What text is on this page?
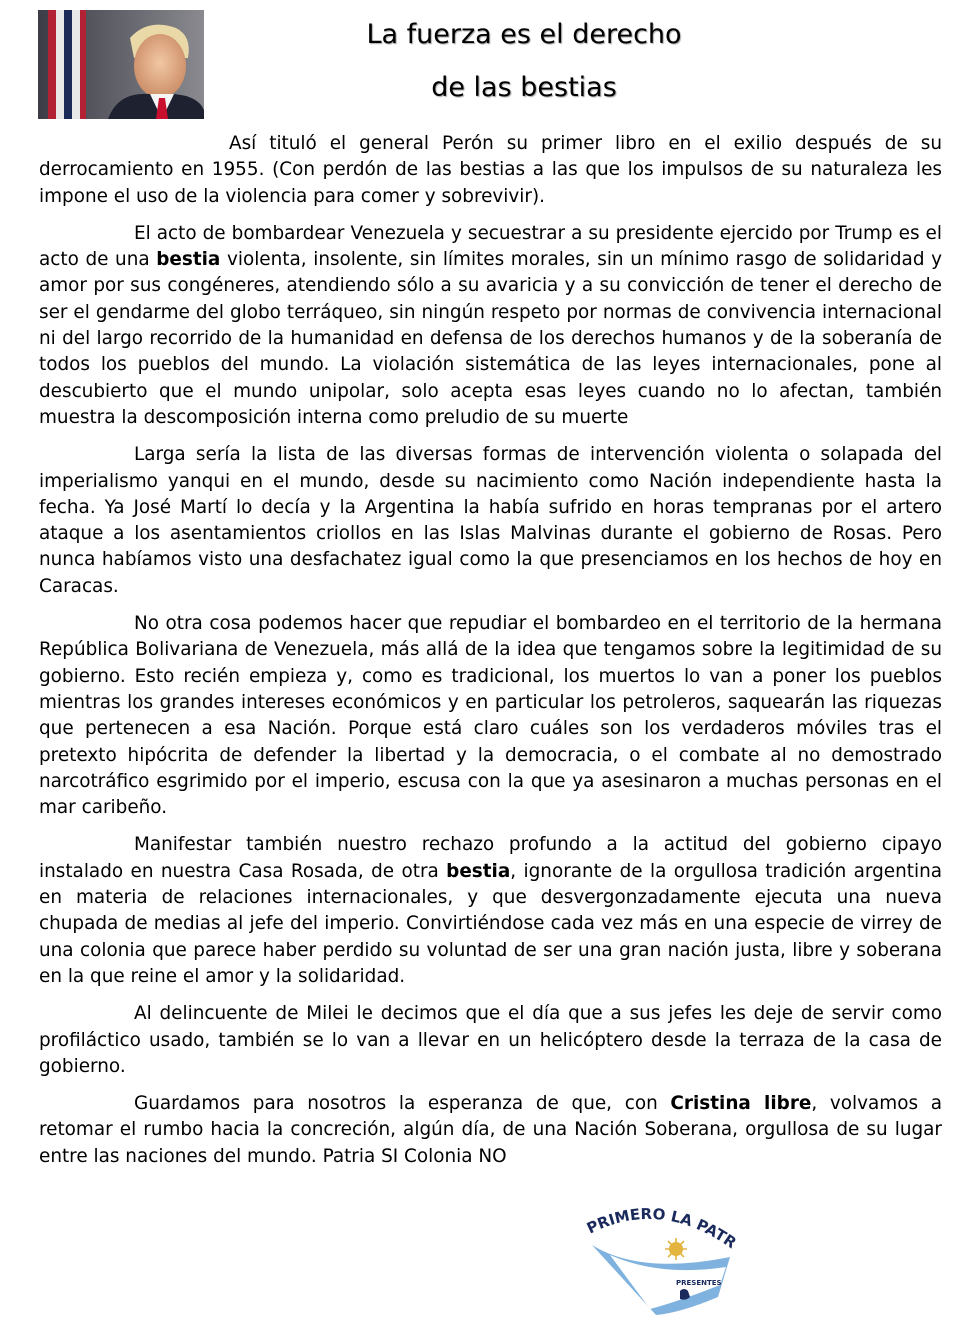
La fuerza es el derecho
de las bestias

Así tituló el general Perón su primer libro en el exilio después de su derrocamiento en 1955. (Con perdón de las bestias a las que los impulsos de su naturaleza les impone el uso de la violencia para comer y sobrevivir).

El acto de bombardear Venezuela y secuestrar a su presidente ejercido por Trump es el acto de una bestia violenta, insolente, sin límites morales, sin un mínimo rasgo de solidaridad y amor por sus congéneres, atendiendo sólo a su avaricia y a su convicción de tener el derecho de ser el gendarme del globo terráqueo, sin ningún respeto por normas de convivencia internacional ni del largo recorrido de la humanidad en defensa de los derechos humanos y de la soberanía de todos los pueblos del mundo. La violación sistemática de las leyes internacionales, pone al descubierto que el mundo unipolar, solo acepta esas leyes cuando no lo afectan, también muestra la descomposición interna como preludio de su muerte

Larga sería la lista de las diversas formas de intervención violenta o solapada del imperialismo yanqui en el mundo, desde su nacimiento como Nación independiente hasta la fecha. Ya José Martí lo decía y la Argentina la había sufrido en horas tempranas por el artero ataque a los asentamientos criollos en las Islas Malvinas durante el gobierno de Rosas. Pero nunca habíamos visto una desfachatez igual como la que presenciamos en los hechos de hoy en Caracas.

No otra cosa podemos hacer que repudiar el bombardeo en el territorio de la hermana República Bolivariana de Venezuela, más allá de la idea que tengamos sobre la legitimidad de su gobierno. Esto recién empieza y, como es tradicional, los muertos lo van a poner los pueblos mientras los grandes intereses económicos y en particular los petroleros, saquearán las riquezas que pertenecen a esa Nación. Porque está claro cuáles son los verdaderos móviles tras el pretexto hipócrita de defender la libertad y la democracia, o el combate al no demostrado narcotráfico esgrimido por el imperio, escusa con la que ya asesinaron a muchas personas en el mar caribeño.

Manifestar también nuestro rechazo profundo a la actitud del gobierno cipayo instalado en nuestra Casa Rosada, de otra bestia, ignorante de la orgullosa tradición argentina en materia de relaciones internacionales, y que desvergonzadamente ejecuta una nueva chupada de medias al jefe del imperio. Convirtiéndose cada vez más en una especie de virrey de una colonia que parece haber perdido su voluntad de ser una gran nación justa, libre y soberana en la que reine el amor y la solidaridad.

Al delincuente de Milei le decimos que el día que a sus jefes les deje de servir como profiláctico usado, también se lo van a llevar en un helicóptero desde la terraza de la casa de gobierno.

Guardamos para nosotros la esperanza de que, con Cristina libre, volvamos a retomar el rumbo hacia la concreción, algún día, de una Nación Soberana, orgullosa de su lugar entre las naciones del mundo. Patria SI Colonia NO

PRIMERO LA PATR
PRESENTES
